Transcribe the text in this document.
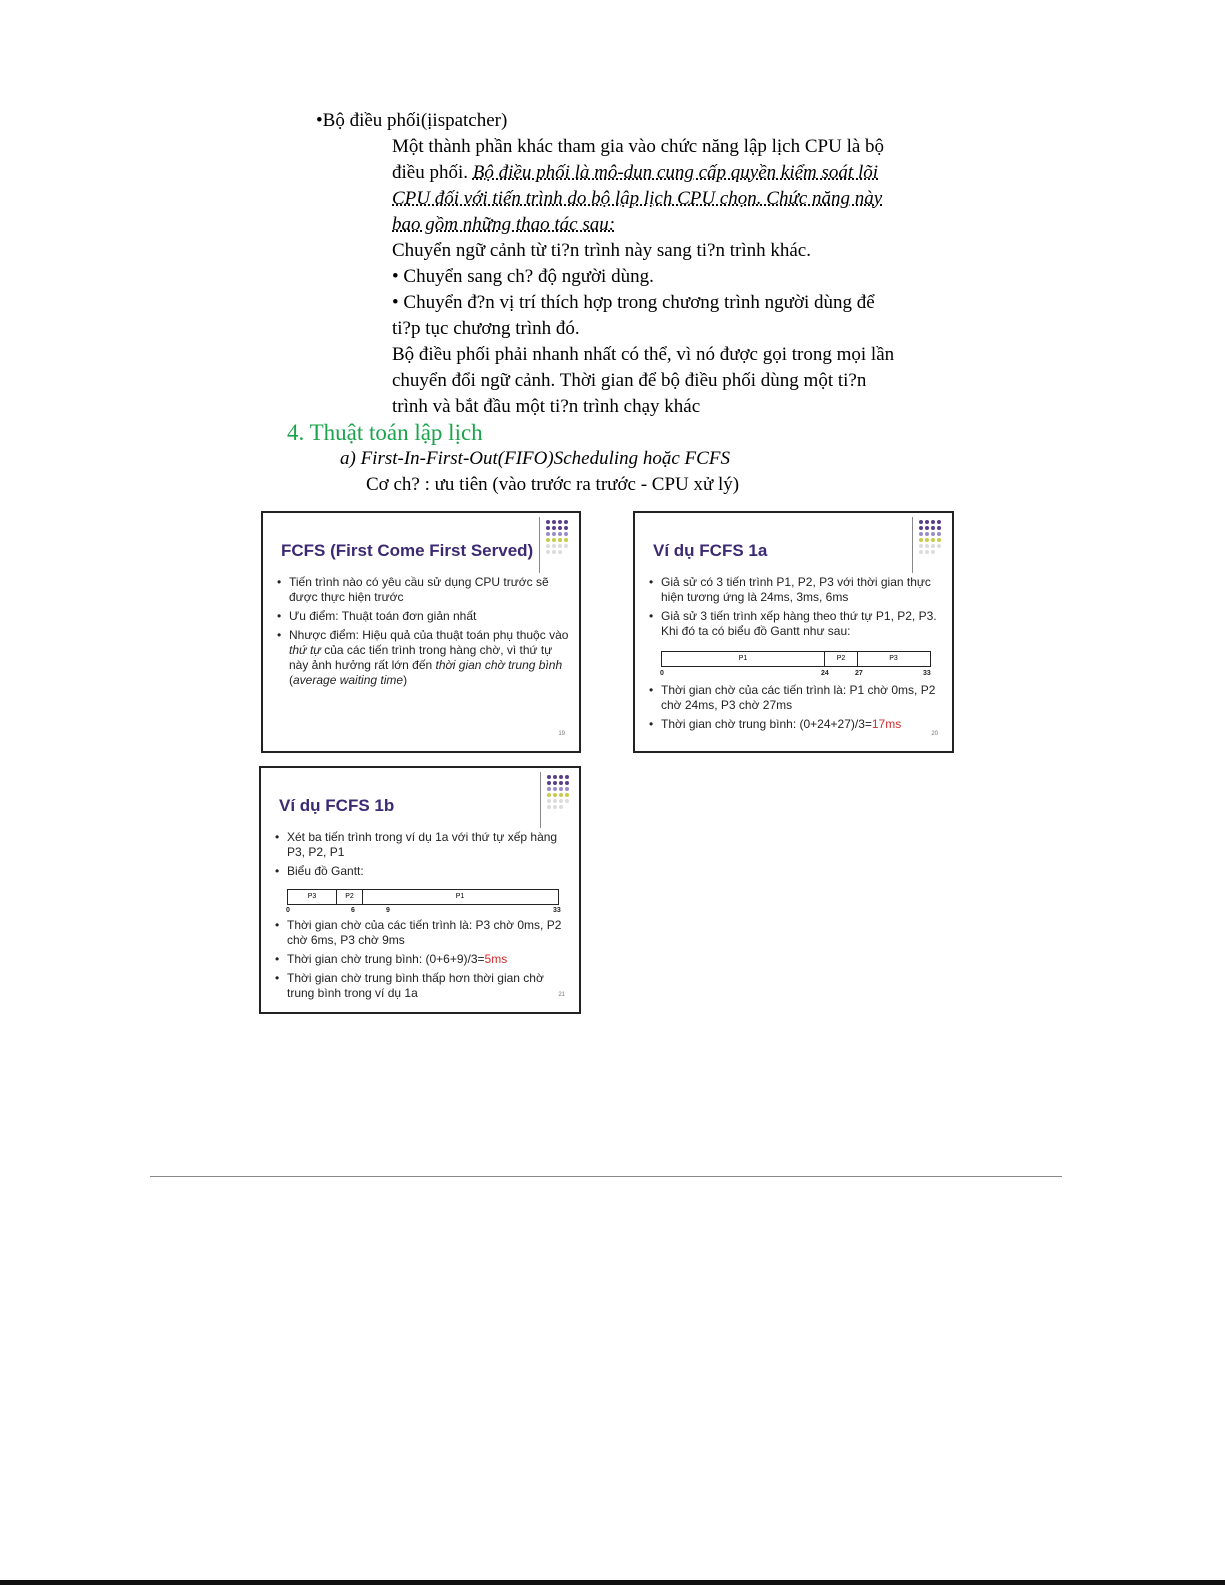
•Bộ điều phối(ịispatcher)
Một thành phần khác tham gia vào chức năng lập lịch CPU là bộ
điều phối. Bộ điều phối là mô-dun cung cấp quyền kiểm soát lõi
CPU đối với tiến trình do bộ lập lịch CPU chọn. Chức năng này
bao gồm những thao tác sau:
Chuyển ngữ cảnh từ ti?n trình này sang ti?n trình khác.
• Chuyển sang ch? độ người dùng.
• Chuyển đ?n vị trí thích hợp trong chương trình người dùng để
ti?p tục chương trình đó.
Bộ điều phối phải nhanh nhất có thể, vì nó được gọi trong mọi lần
chuyển đổi ngữ cảnh. Thời gian để bộ điều phối dùng một ti?n
trình và bắt đầu một ti?n trình chạy khác
4. Thuật toán lập lịch
a) First-In-First-Out(FIFO)Scheduling hoặc FCFS
Cơ ch? : ưu tiên (vào trước ra trước - CPU xử lý)
FCFS (First Come First Served)
• Tiến trình nào có yêu cầu sử dụng CPU trước sẽ được thực hiện trước
• Ưu điểm: Thuật toán đơn giản nhất
• Nhược điểm: Hiệu quả của thuật toán phụ thuộc vào thứ tự của các tiến trình trong hàng chờ, vì thứ tự này ảnh hưởng rất lớn đến thời gian chờ trung bình (average waiting time)
19
Ví dụ FCFS 1a
• Giả sử có 3 tiến trình P1, P2, P3 với thời gian thực hiện tương ứng là 24ms, 3ms, 6ms
• Giả sử 3 tiến trình xếp hàng theo thứ tự P1, P2, P3. Khi đó ta có biểu đồ Gantt như sau:
P1	P2	P3
0	24	27	33
• Thời gian chờ của các tiến trình là: P1 chờ 0ms, P2 chờ 24ms, P3 chờ 27ms
• Thời gian chờ trung bình: (0+24+27)/3=17ms
20
Ví dụ FCFS 1b
• Xét ba tiến trình trong ví dụ 1a với thứ tự xếp hàng P3, P2, P1
• Biểu đồ Gantt:
P3	P2	P1
0	6	9	33
• Thời gian chờ của các tiến trình là: P3 chờ 0ms, P2 chờ 6ms, P3 chờ 9ms
• Thời gian chờ trung bình: (0+6+9)/3=5ms
• Thời gian chờ trung bình thấp hơn thời gian chờ trung bình trong ví dụ 1a	21
